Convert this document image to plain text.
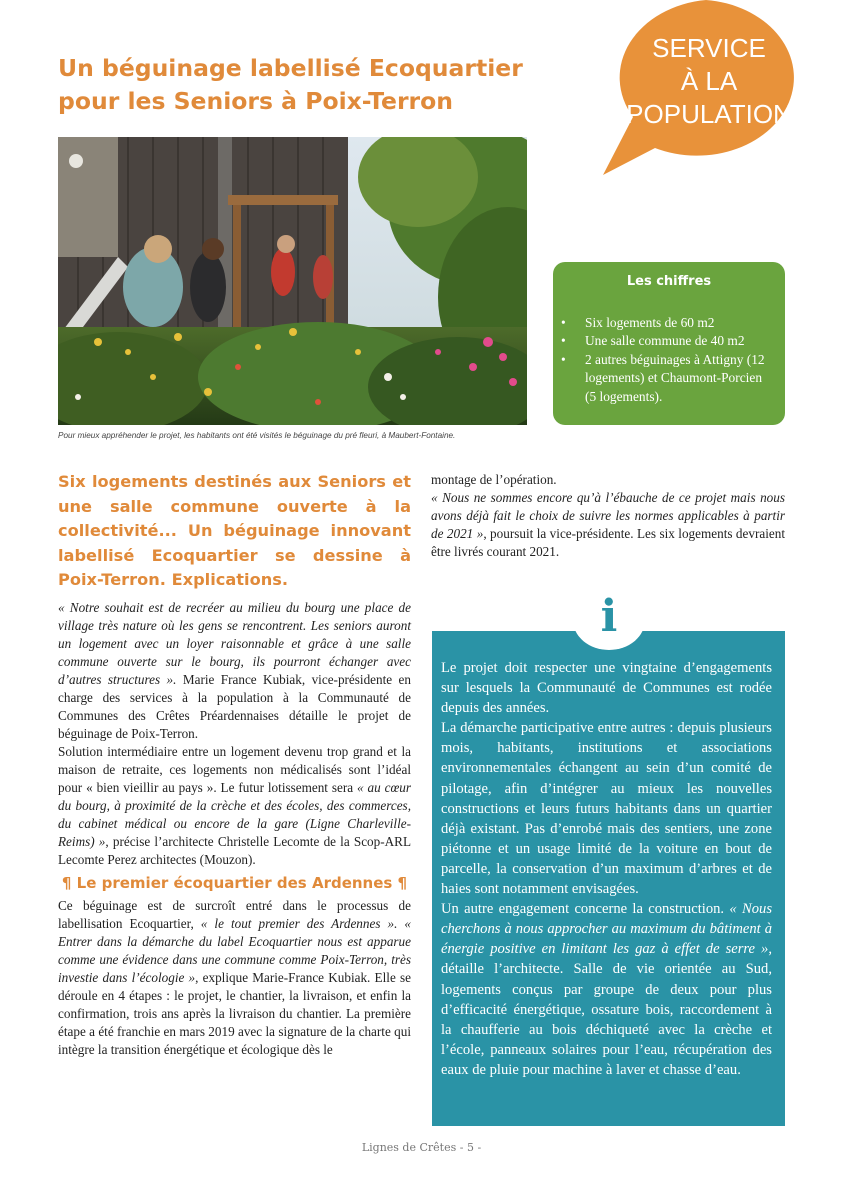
Un béguinage labellisé Ecoquartier
pour les Seniors à Poix-Terron
SERVICE
À LA
POPULATION
Pour mieux appréhender le projet, les habitants ont été visités le béguinage du pré fleuri, à Maubert-Fontaine.
Les chiffres
• Six logements de 60 m2
• Une salle commune de 40 m2
• 2 autres béguinages à Attigny (12 logements) et Chaumont-Porcien (5 logements).
Six logements destinés aux Seniors et une salle commune ouverte à la collectivité... Un béguinage innovant labellisé Ecoquartier se dessine à Poix-Terron. Explications.

« Notre souhait est de recréer au milieu du bourg une place de village très nature où les gens se rencontrent. Les seniors auront un logement avec un loyer raisonnable et grâce à une salle commune ouverte sur le bourg, ils pourront échanger avec d’autres structures ». Marie France Kubiak, vice-présidente en charge des services à la population à la Communauté de Communes des Crêtes Préardennaises détaille le projet de béguinage de Poix-Terron.

Solution intermédiaire entre un logement devenu trop grand et la maison de retraite, ces logements non médicalisés sont l’idéal pour « bien vieillir au pays ». Le futur lotissement sera « au cœur du bourg, à proximité de la crèche et des écoles, des commerces, du cabinet médical ou encore de la gare (Ligne Charleville-Reims) », précise l’architecte Christelle Lecomte de la Scop-ARL Lecomte Perez architectes (Mouzon).

¶ Le premier écoquartier des Ardennes ¶

Ce béguinage est de surcroît entré dans le processus de labellisation Ecoquartier, « le tout premier des Ardennes ». « Entrer dans la démarche du label Ecoquartier nous est apparue comme une évidence dans une commune comme Poix-Terron, très investie dans l’écologie », explique Marie-France Kubiak. Elle se déroule en 4 étapes : le projet, le chantier, la livraison, et enfin la confirmation, trois ans après la livraison du chantier. La première étape a été franchie en mars 2019 avec la signature de la charte qui intègre la transition énergétique et écologique dès le

montage de l’opération.

« Nous ne sommes encore qu’à l’ébauche de ce projet mais nous avons déjà fait le choix de suivre les normes applicables à partir de 2021 », poursuit la vice-présidente. Les six logements devraient être livrés courant 2021.

Le projet doit respecter une vingtaine d’engagements sur lesquels la Communauté de Communes est rodée depuis des années.

La démarche participative entre autres : depuis plusieurs mois, habitants, institutions et associations environnementales échangent au sein d’un comité de pilotage, afin d’intégrer au mieux les nouvelles constructions et leurs futurs habitants dans un quartier déjà existant. Pas d’enrobé mais des sentiers, une zone piétonne et un usage limité de la voiture en bout de parcelle, la conservation d’un maximum d’arbres et de haies sont notamment envisagées.

Un autre engagement concerne la construction. « Nous cherchons à nous approcher au maximum du bâtiment à énergie positive en limitant les gaz à effet de serre », détaille l’architecte. Salle de vie orientée au Sud, logements conçus par groupe de deux pour plus d’efficacité énergétique, ossature bois, raccordement à la chaufferie au bois déchiqueté avec la crèche et l’école, panneaux solaires pour l’eau, récupération des eaux de pluie pour machine à laver et chasse d’eau.

i
Lignes de Crêtes - 5 -
